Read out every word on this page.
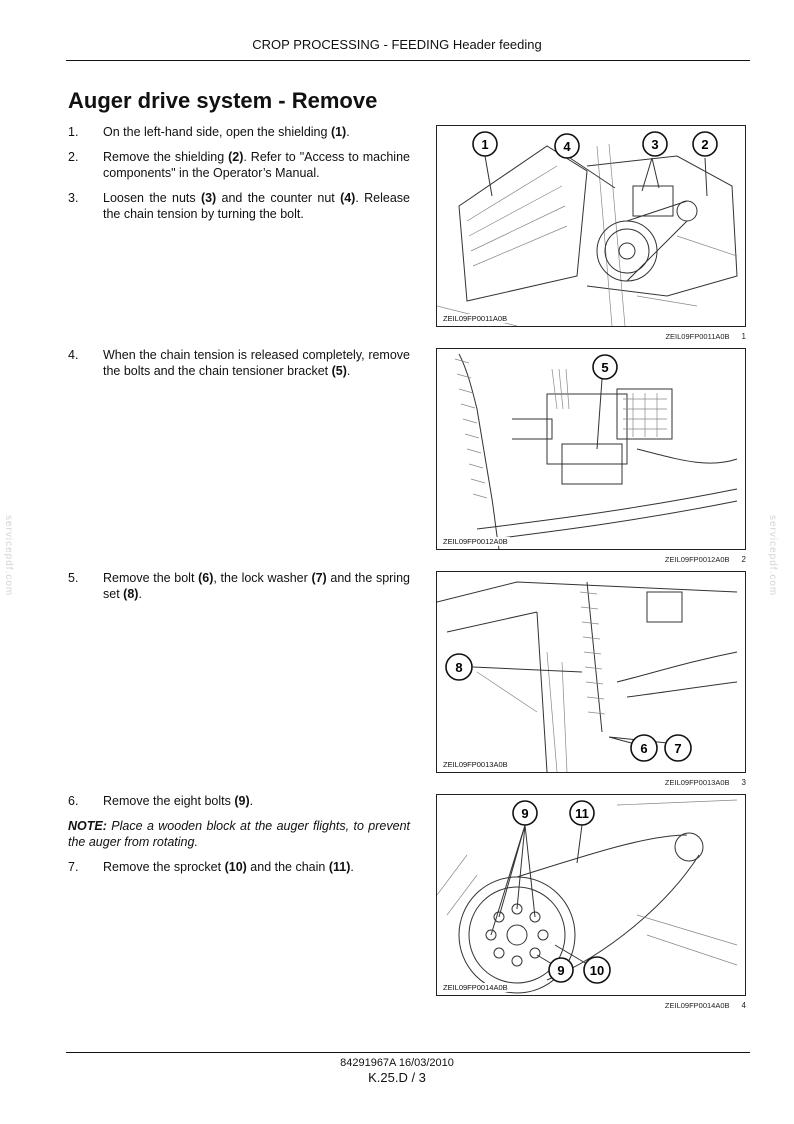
CROP PROCESSING - FEEDING Header feeding
Auger drive system - Remove
servicepdf.com	servicepdf.com
1.	On the left-hand side, open the shielding (1).
2.	Remove the shielding (2). Refer to "Access to machine components" in the Operator’s Manual.
3.	Loosen the nuts (3) and the counter nut (4). Release the chain tension by turning the bolt.
4.	When the chain tension is released completely, remove the bolts and the chain tensioner bracket (5).
5.	Remove the bolt (6), the lock washer (7) and the spring set (8).
6.	Remove the eight bolts (9).
NOTE: Place a wooden block at the auger flights, to prevent the auger from rotating.
7.	Remove the sprocket (10) and the chain (11).
1	4	3	2
ZEIL09FP0011A0B
ZEIL09FP0011A0B 1
5
ZEIL09FP0012A0B
ZEIL09FP0012A0B 2
8
6 7
ZEIL09FP0013A0B
ZEIL09FP0013A0B 3
9	11
9 10
ZEIL09FP0014A0B
ZEIL09FP0014A0B 4
84291967A 16/03/2010
K.25.D / 3
